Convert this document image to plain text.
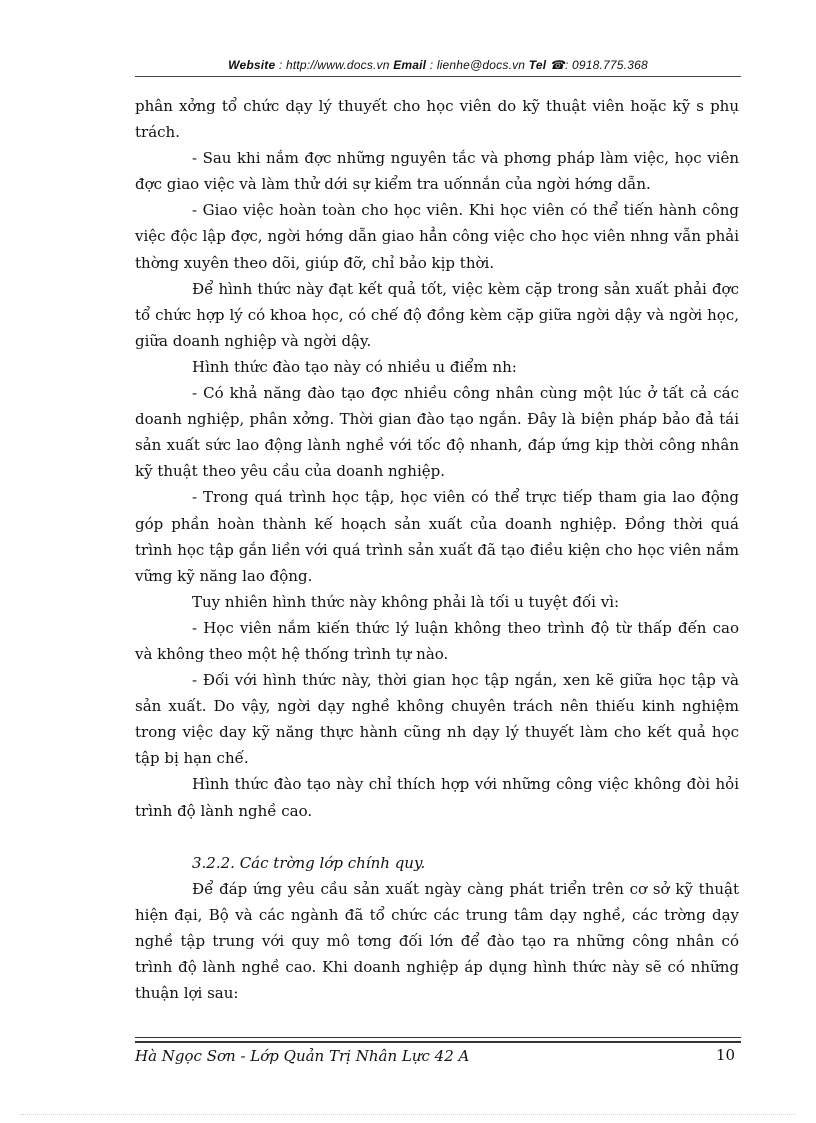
Website : http://www.docs.vn Email : lienhe@docs.vn Tel ☎: 0918.775.368

phân xởng tổ chức dạy lý thuyết cho học viên do kỹ thuật viên hoặc kỹ s phụ trách.

- Sau khi nắm đợc những nguyên tắc và phơng pháp làm việc, học viên đợc giao việc và làm thử dới sự kiểm tra uốnnắn của ngời hớng dẫn.

- Giao việc hoàn toàn cho học viên. Khi học viên có thể tiến hành công việc độc lập đợc, ngời hớng dẫn giao hẳn công việc cho học viên nhng vẫn phải thờng xuyên theo dõi, giúp đỡ, chỉ bảo kịp thời.

Để hình thức này đạt kết quả tốt, việc kèm cặp trong sản xuất phải đợc tổ chức hợp lý có khoa học, có chế độ đồng kèm cặp giữa ngời dậy và ngời học, giữa doanh nghiệp và ngời dậy.

Hình thức đào tạo này có nhiều u điểm nh:

- Có khả năng đào tạo đợc nhiều công nhân cùng một lúc ở tất cả các doanh nghiệp, phân xởng. Thời gian đào tạo ngắn. Đây là biện pháp bảo đả tái sản xuất sức lao động lành nghề với tốc độ nhanh, đáp ứng kịp thời công nhân kỹ thuật theo yêu cầu của doanh nghiệp.

- Trong quá trình học tập, học viên có thể trực tiếp tham gia lao động góp phần hoàn thành kế hoạch sản xuất của doanh nghiệp. Đồng thời quá trình học tập gắn liền với quá trình sản xuất đã tạo điều kiện cho học viên nắm vững kỹ năng lao động.

Tuy nhiên hình thức này không phải là tối u tuyệt đối vì:

- Học viên nắm kiến thức lý luận không theo trình độ từ thấp đến cao và không theo một hệ thống trình tự nào.

- Đối với hình thức này, thời gian học tập ngắn, xen kẽ giữa học tập và sản xuất. Do vậy, ngời dạy nghề không chuyên trách nên thiếu kinh nghiệm trong việc day kỹ năng thực hành cũng nh dạy lý thuyết làm cho kết quả học tập bị hạn chế.

Hình thức đào tạo này chỉ thích hợp với những công việc không đòi hỏi trình độ lành nghề cao.

3.2.2. Các trờng lớp chính quy.

Để đáp ứng yêu cầu sản xuất ngày càng phát triển trên cơ sở kỹ thuật hiện đại, Bộ và các ngành đã tổ chức các trung tâm dạy nghề, các trờng dạy nghề tập trung với quy mô tơng đối lớn để đào tạo ra những công nhân có trình độ lành nghề cao. Khi doanh nghiệp áp dụng hình thức này sẽ có những thuận lợi sau:

Hà Ngọc Sơn - Lớp Quản Trị Nhân Lực 42 A	10
